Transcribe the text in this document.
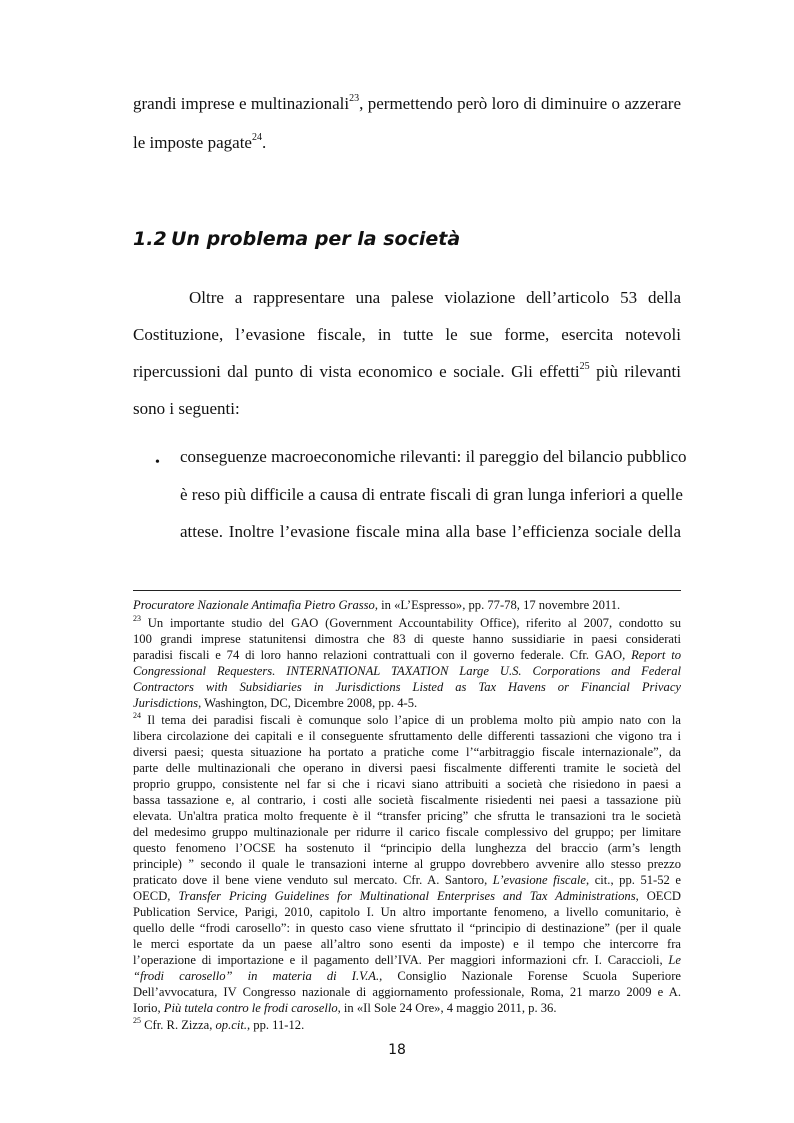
grandi imprese e multinazionali$^{23}$, permettendo però loro di diminuire o azzerare
le imposte pagate$^{24}$.
1.2 Un problema per la società
Oltre a rappresentare una palese violazione dell’articolo 53 della
Costituzione, l’evasione fiscale, in tutte le sue forme, esercita notevoli
ripercussioni dal punto di vista economico e sociale. Gli effetti$^{25}$ più rilevanti
sono i seguenti:
• conseguenze macroeconomiche rilevanti: il pareggio del bilancio pubblico
è reso più difficile a causa di entrate fiscali di gran lunga inferiori a quelle
attese. Inoltre l’evasione fiscale mina alla base l’efficienza sociale della
Procuratore Nazionale Antimafia Pietro Grasso, in «L’Espresso», pp. 77-78, 17 novembre 2011.
$^{23}$ Un importante studio del GAO (Government Accountability Office), riferito al 2007, condotto su
100 grandi imprese statunitensi dimostra che 83 di queste hanno sussidiarie in paesi considerati
paradisi fiscali e 74 di loro hanno relazioni contrattuali con il governo federale. Cfr. GAO, Report to
Congressional Requesters. INTERNATIONAL TAXATION Large U.S. Corporations and Federal
Contractors with Subsidiaries in Jurisdictions Listed as Tax Havens or Financial Privacy
Jurisdictions, Washington, DC, Dicembre 2008, pp. 4-5.
$^{24}$ Il tema dei paradisi fiscali è comunque solo l’apice di un problema molto più ampio nato con la
libera circolazione dei capitali e il conseguente sfruttamento delle differenti tassazioni che vigono tra i
diversi paesi; questa situazione ha portato a pratiche come l’“arbitraggio fiscale internazionale”, da
parte delle multinazionali che operano in diversi paesi fiscalmente differenti tramite le società del
proprio gruppo, consistente nel far si che i ricavi siano attribuiti a società che risiedono in paesi a
bassa tassazione e, al contrario, i costi alle società fiscalmente risiedenti nei paesi a tassazione più
elevata. Un'altra pratica molto frequente è il “transfer pricing” che sfrutta le transazioni tra le società
del medesimo gruppo multinazionale per ridurre il carico fiscale complessivo del gruppo; per limitare
questo fenomeno l’OCSE ha sostenuto il “principio della lunghezza del braccio (arm’s length
principle) ” secondo il quale le transazioni interne al gruppo dovrebbero avvenire allo stesso prezzo
praticato dove il bene viene venduto sul mercato. Cfr. A. Santoro, L’evasione fiscale, cit., pp. 51-52 e
OECD, Transfer Pricing Guidelines for Multinational Enterprises and Tax Administrations, OECD
Publication Service, Parigi, 2010, capitolo I. Un altro importante fenomeno, a livello comunitario, è
quello delle “frodi carosello”: in questo caso viene sfruttato il “principio di destinazione” (per il quale
le merci esportate da un paese all’altro sono esenti da imposte) e il tempo che intercorre fra
l’operazione di importazione e il pagamento dell’IVA. Per maggiori informazioni cfr. I. Caraccioli, Le
“frodi carosello” in materia di I.V.A., Consiglio Nazionale Forense Scuola Superiore
Dell’avvocatura, IV Congresso nazionale di aggiornamento professionale, Roma, 21 marzo 2009 e A.
Iorio, Più tutela contro le frodi carosello, in «Il Sole 24 Ore», 4 maggio 2011, p. 36.
$^{25}$ Cfr. R. Zizza, op.cit., pp. 11-12.
18
